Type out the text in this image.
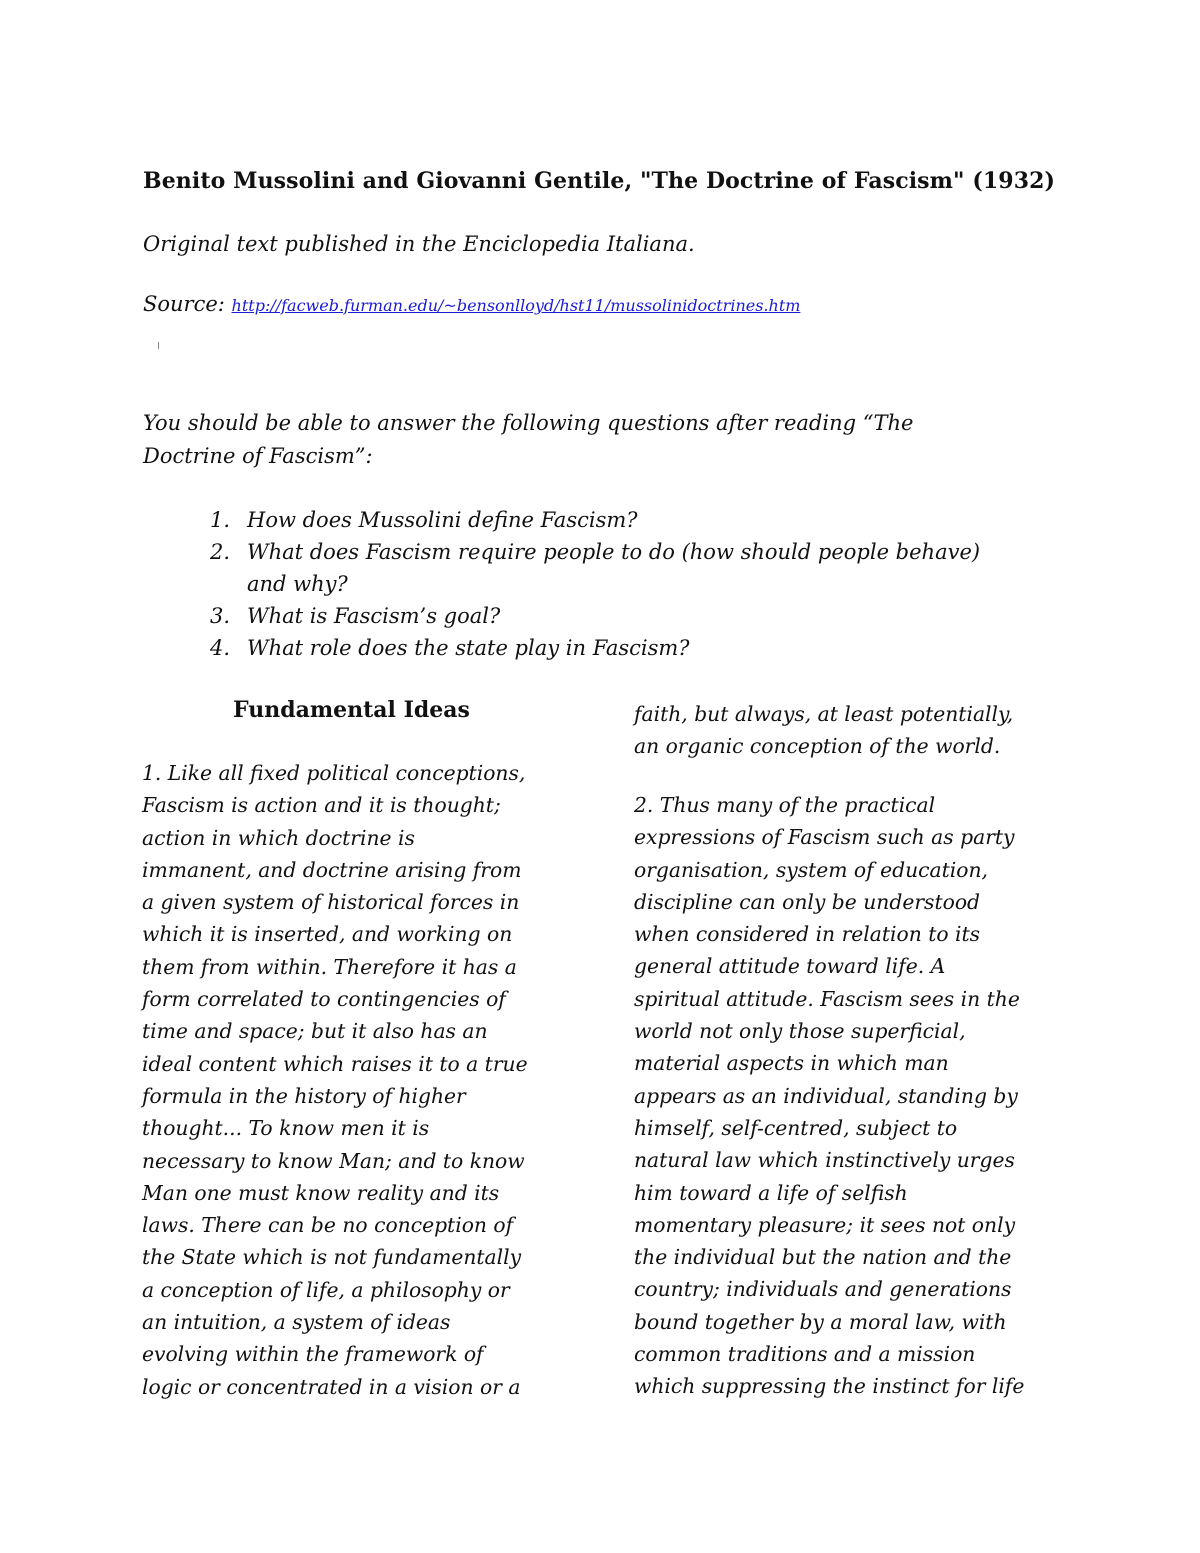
Benito Mussolini and Giovanni Gentile, "The Doctrine of Fascism" (1932)
Original text published in the Enciclopedia Italiana.
Source: http://facweb.furman.edu/~bensonlloyd/hst11/mussolinidoctrines.htm
You should be able to answer the following questions after reading “The
Doctrine of Fascism”:
1. How does Mussolini define Fascism?
2. What does Fascism require people to do (how should people behave)
and why?
3. What is Fascism’s goal?
4. What role does the state play in Fascism?
Fundamental Ideas
1. Like all fixed political conceptions,
Fascism is action and it is thought;
action in which doctrine is
immanent, and doctrine arising from
a given system of historical forces in
which it is inserted, and working on
them from within. Therefore it has a
form correlated to contingencies of
time and space; but it also has an
ideal content which raises it to a true
formula in the history of higher
thought... To know men it is
necessary to know Man; and to know
Man one must know reality and its
laws. There can be no conception of
the State which is not fundamentally
a conception of life, a philosophy or
an intuition, a system of ideas
evolving within the framework of
logic or concentrated in a vision or a
faith, but always, at least potentially,
an organic conception of the world.
2. Thus many of the practical
expressions of Fascism such as party
organisation, system of education,
discipline can only be understood
when considered in relation to its
general attitude toward life. A
spiritual attitude. Fascism sees in the
world not only those superficial,
material aspects in which man
appears as an individual, standing by
himself, self-centred, subject to
natural law which instinctively urges
him toward a life of selfish
momentary pleasure; it sees not only
the individual but the nation and the
country; individuals and generations
bound together by a moral law, with
common traditions and a mission
which suppressing the instinct for life
